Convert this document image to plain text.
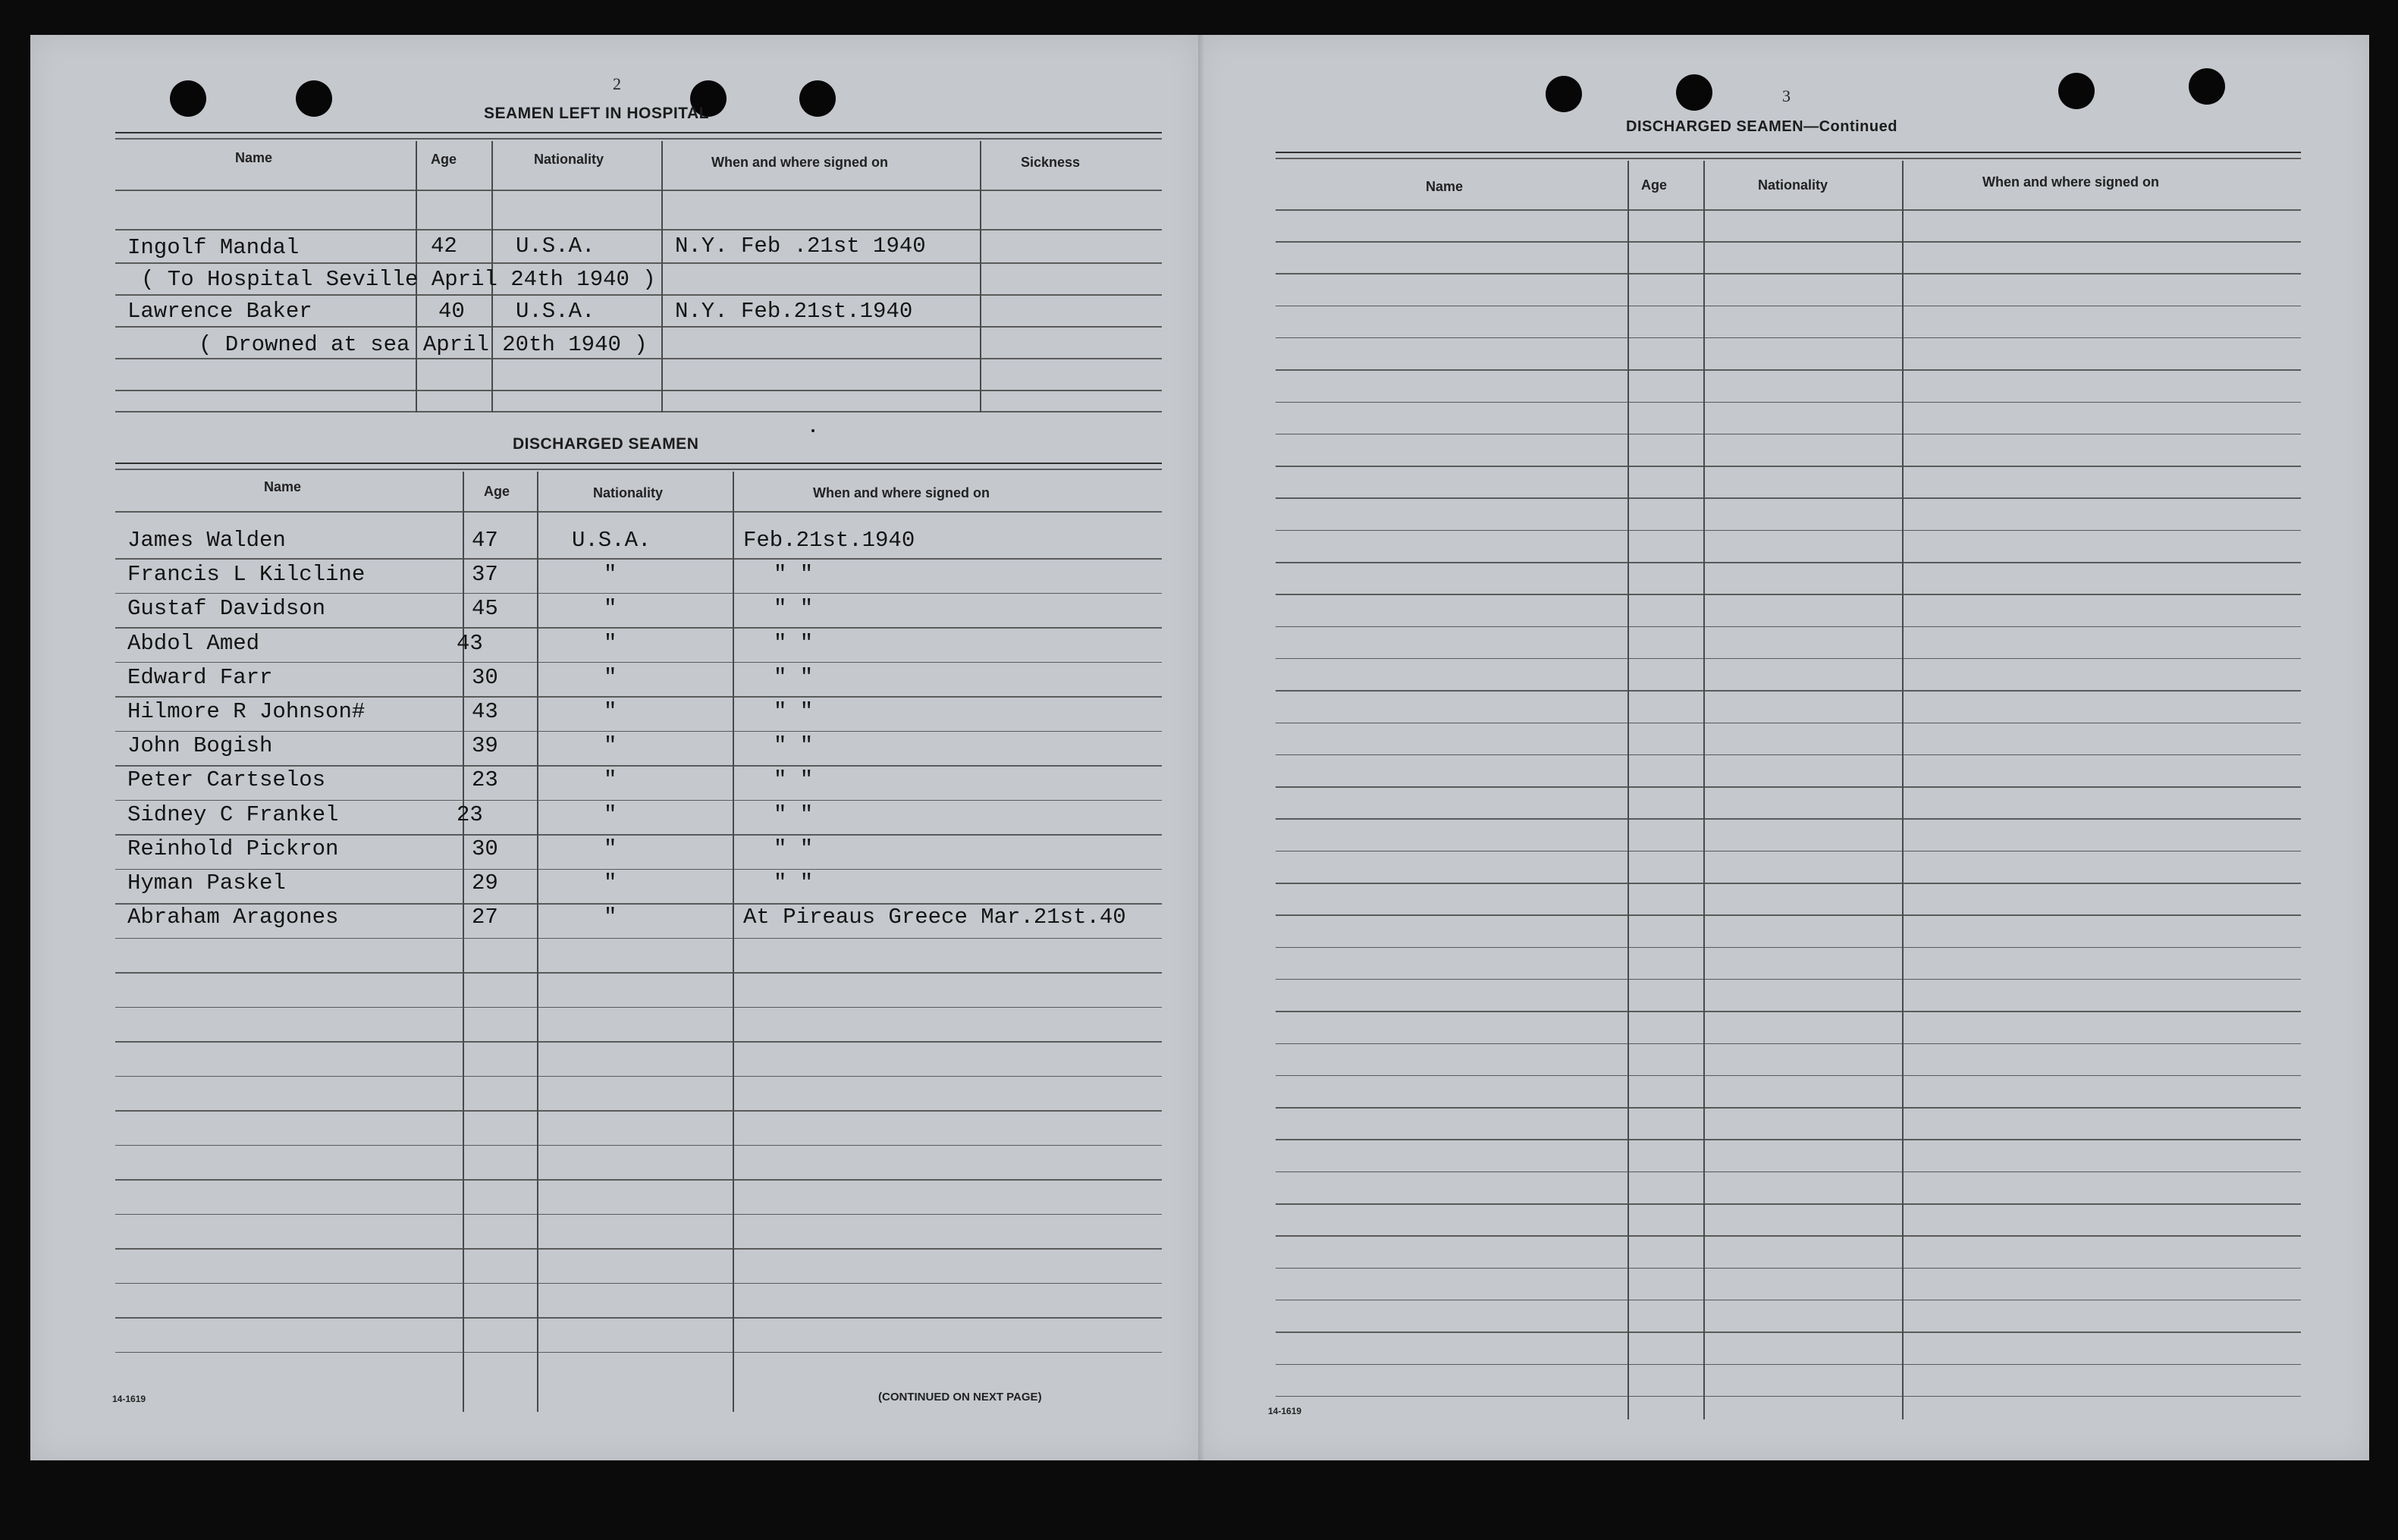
2
SEAMEN LEFT IN HOSPITAL
Name	Age	Nationality	When and where signed on	Sickness
Ingolf Mandal	42	U.S.A.	N.Y. Feb .21st 1940
( To Hospital Seville April 24th 1940 )
Lawrence Baker	40 U.S.A.	N.Y. Feb.21st.1940
( Drowned at sea April 20th 1940 )
DISCHARGED SEAMEN
Name	Age	Nationality	When and where signed on
James Walden	47	U.S.A.	Feb.21st.1940
Francis L Kilcline	37	"	" "
Gustaf Davidson	45	"	" "
Abdol Amed	43	"	" "
Edward Farr	30	"	" "
Hilmore R Johnson#	43	"	" "
John Bogish	39	"	" "
Peter Cartselos	23	"	" "
Sidney C Frankel	23	"	" "
Reinhold Pickron	30	"	" "
Hyman Paskel	29	"	" "
Abraham Aragones	27	"	At Pireaus Greece Mar.21st.40
14-1619	(CONTINUED ON NEXT PAGE)
3
DISCHARGED SEAMEN—Continued
Name	Age	Nationality	When and where signed on
14-1619
